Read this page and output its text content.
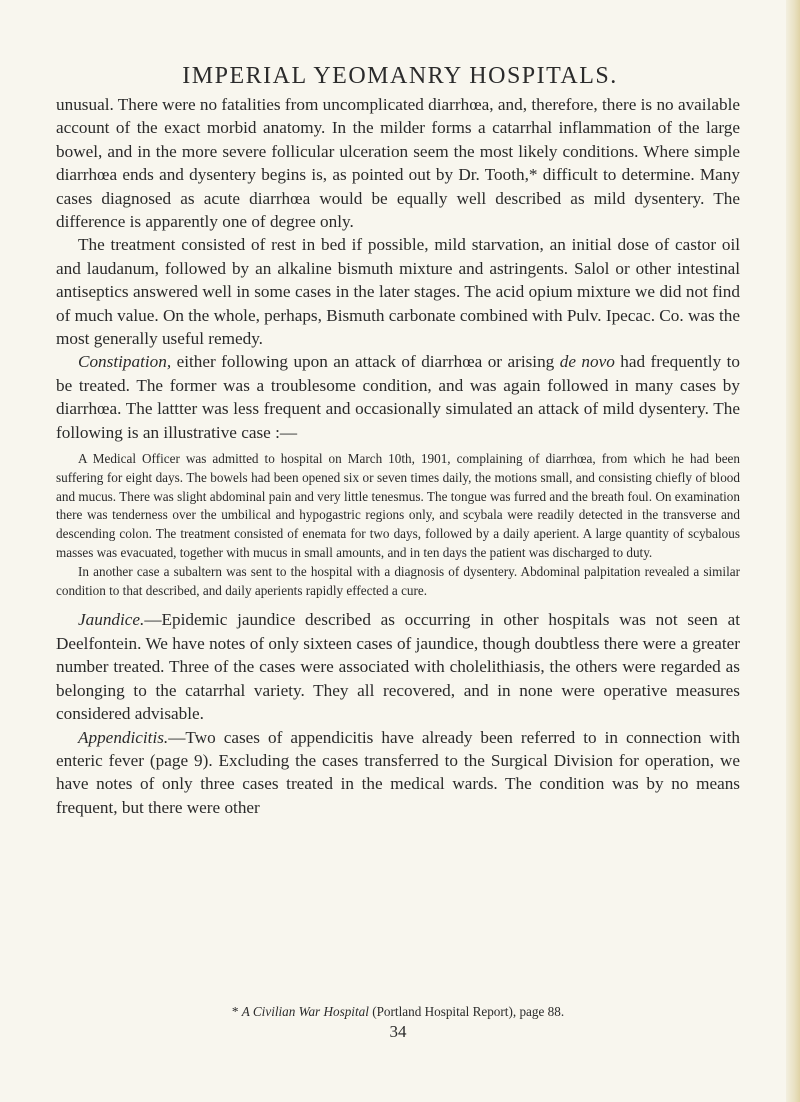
IMPERIAL YEOMANRY HOSPITALS.

unusual. There were no fatalities from uncomplicated diarrhœa, and, therefore, there is no available account of the exact morbid anatomy. In the milder forms a catarrhal inflammation of the large bowel, and in the more severe follicular ulceration seem the most likely conditions. Where simple diarrhœa ends and dysentery begins is, as pointed out by Dr. Tooth,* difficult to determine. Many cases diagnosed as acute diarrhœa would be equally well described as mild dysentery. The difference is apparently one of degree only.

The treatment consisted of rest in bed if possible, mild starvation, an initial dose of castor oil and laudanum, followed by an alkaline bismuth mixture and astringents. Salol or other intestinal antiseptics answered well in some cases in the later stages. The acid opium mixture we did not find of much value. On the whole, perhaps, Bismuth carbonate combined with Pulv. Ipecac. Co. was the most generally useful remedy.

Constipation, either following upon an attack of diarrhœa or arising de novo had frequently to be treated. The former was a troublesome condition, and was again followed in many cases by diarrhœa. The lattter was less frequent and occasionally simulated an attack of mild dysentery. The following is an illustrative case :—

A Medical Officer was admitted to hospital on March 10th, 1901, complaining of diarrhœa, from which he had been suffering for eight days. The bowels had been opened six or seven times daily, the motions small, and consisting chiefly of blood and mucus. There was slight abdominal pain and very little tenesmus. The tongue was furred and the breath foul. On examination there was tenderness over the umbilical and hypogastric regions only, and scybala were readily detected in the transverse and descending colon. The treatment consisted of enemata for two days, followed by a daily aperient. A large quantity of scybalous masses was evacuated, together with mucus in small amounts, and in ten days the patient was discharged to duty.

In another case a subaltern was sent to the hospital with a diagnosis of dysentery. Abdominal palpitation revealed a similar condition to that described, and daily aperients rapidly effected a cure.

Jaundice.—Epidemic jaundice described as occurring in other hospitals was not seen at Deelfontein. We have notes of only sixteen cases of jaundice, though doubtless there were a greater number treated. Three of the cases were associated with cholelithiasis, the others were regarded as belonging to the catarrhal variety. They all recovered, and in none were operative measures considered advisable.

Appendicitis.—Two cases of appendicitis have already been referred to in connection with enteric fever (page 9). Excluding the cases transferred to the Surgical Division for operation, we have notes of only three cases treated in the medical wards. The condition was by no means frequent, but there were other

* A Civilian War Hospital (Portland Hospital Report), page 88.
34
